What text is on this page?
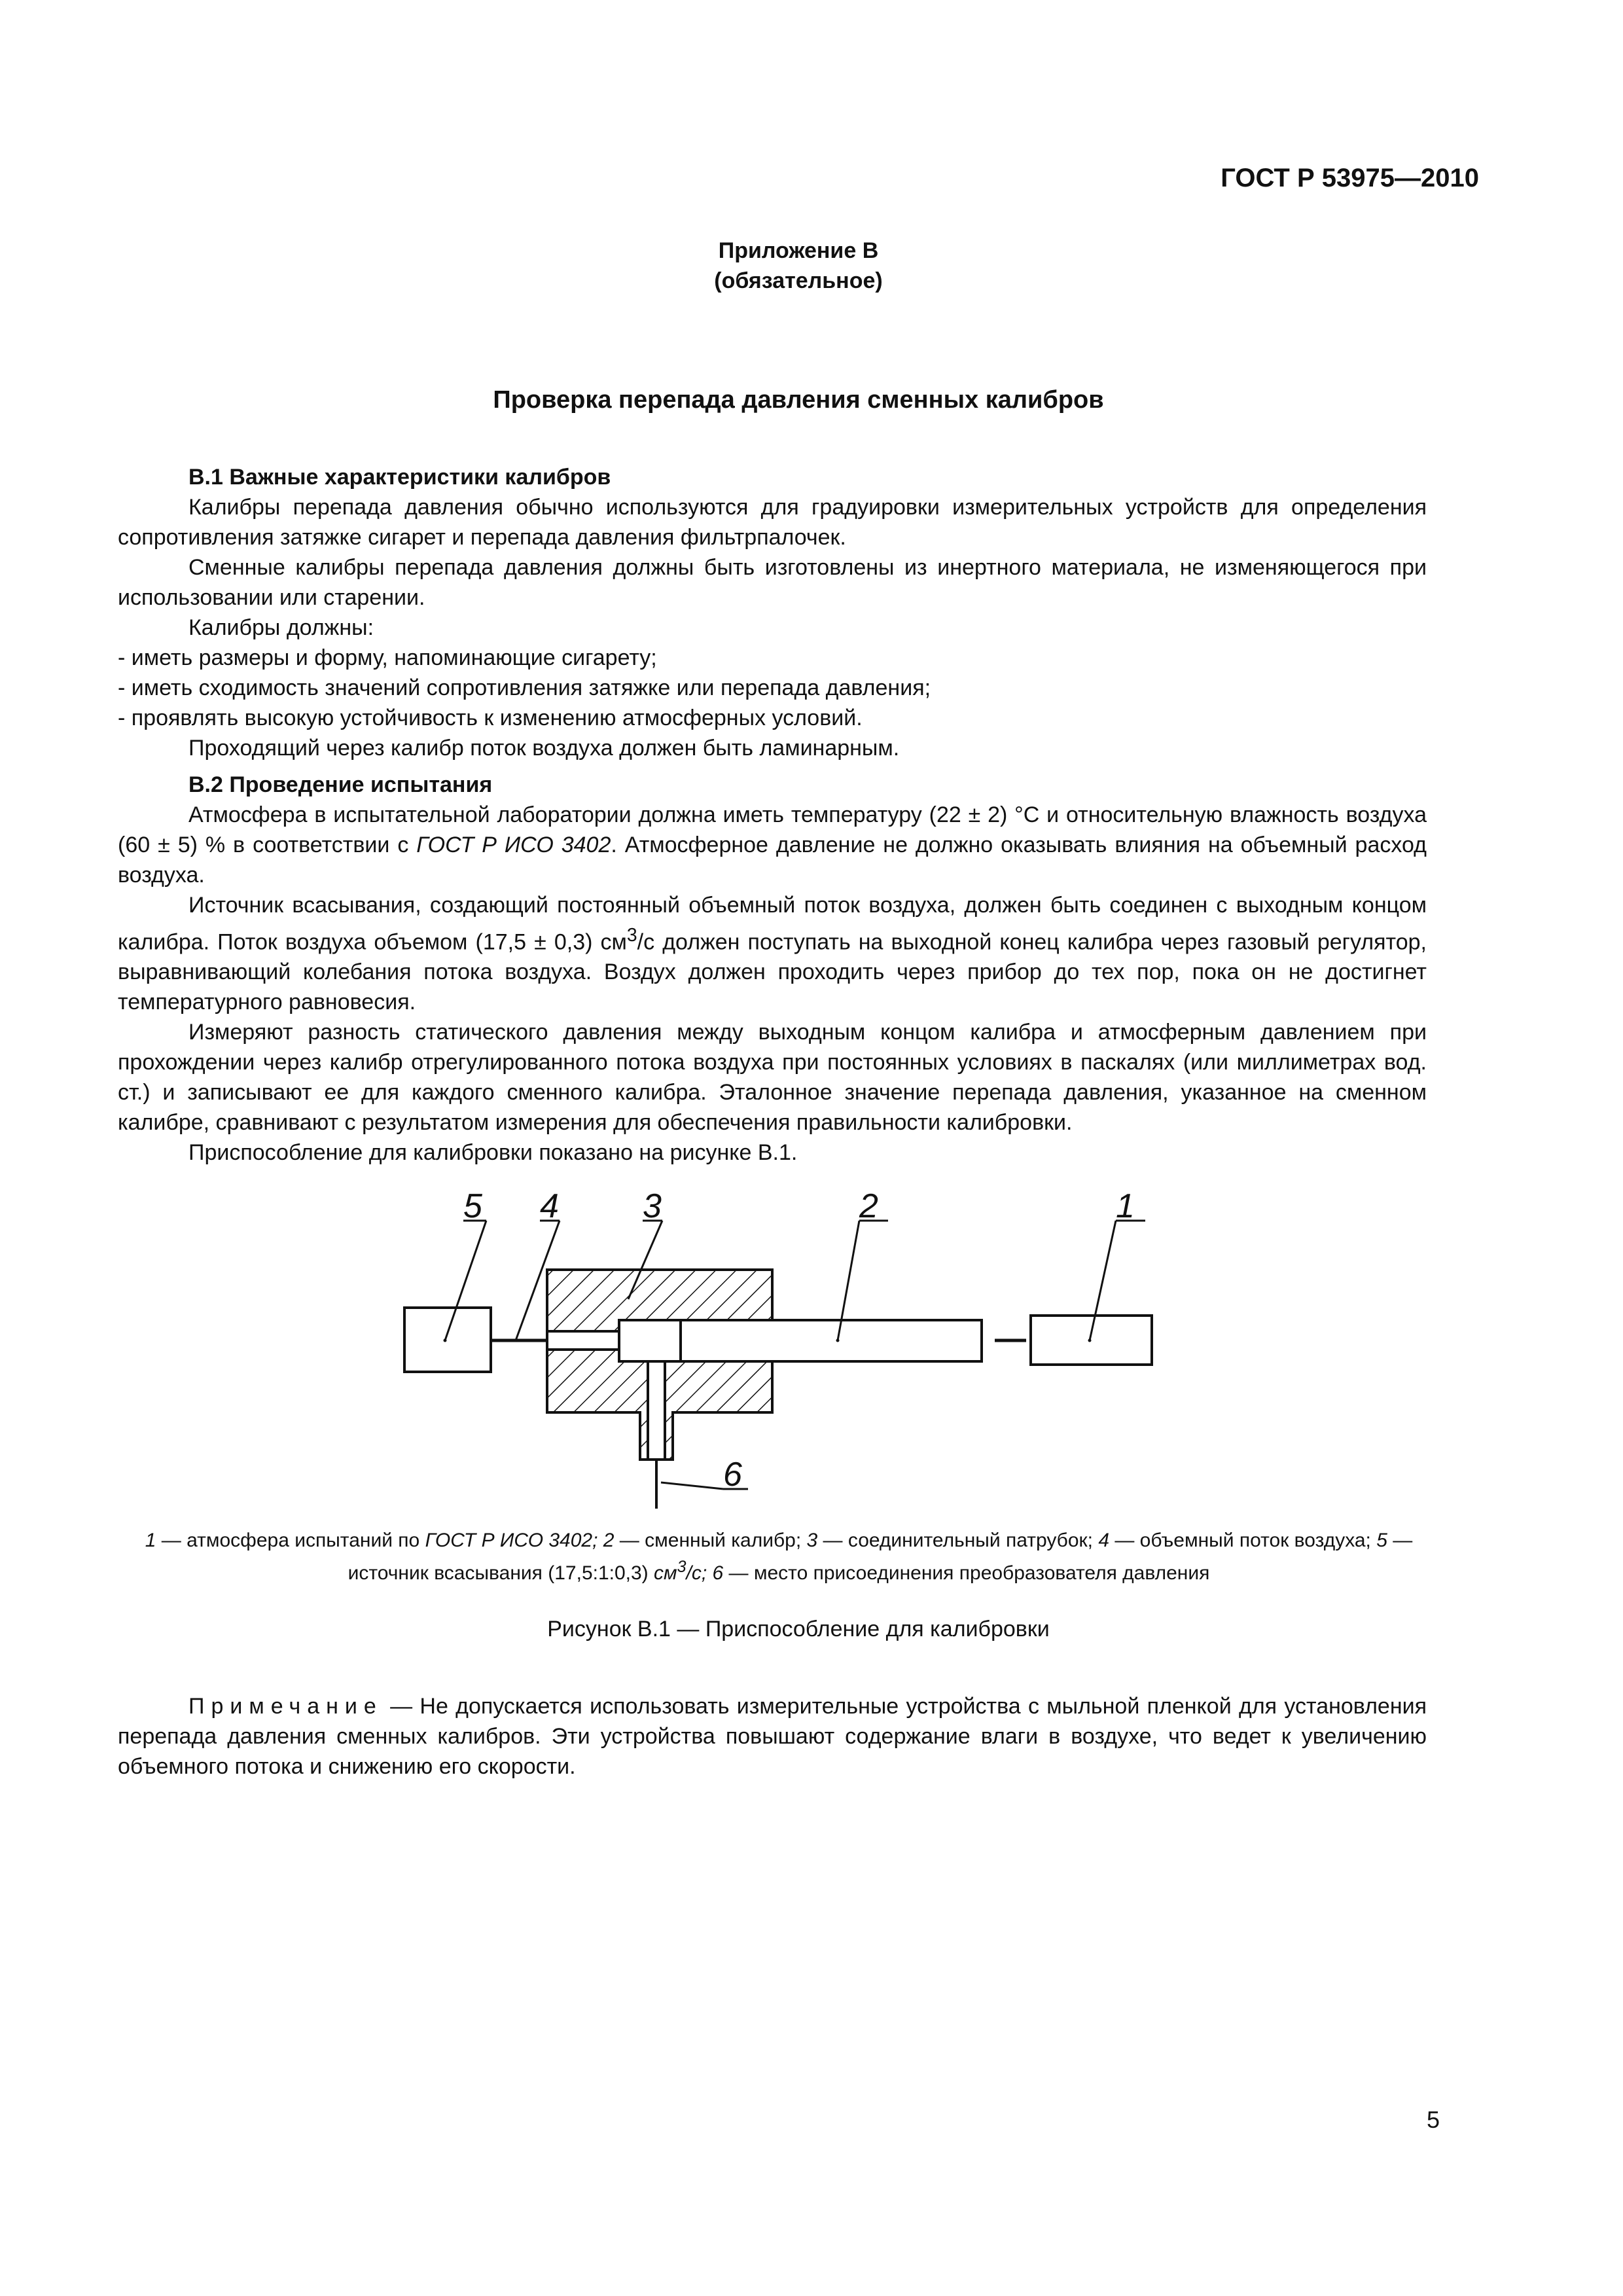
ГОСТ Р 53975—2010
Приложение В
(обязательное)
Проверка перепада давления сменных калибров

В.1 Важные характеристики калибров

Калибры перепада давления обычно используются для градуировки измерительных устройств для определения сопротивления затяжке сигарет и перепада давления фильтрпалочек.

Сменные калибры перепада давления должны быть изготовлены из инертного материала, не изменяющегося при использовании или старении.

Калибры должны:

- иметь размеры и форму, напоминающие сигарету;

- иметь сходимость значений сопротивления затяжке или перепада давления;

- проявлять высокую устойчивость к изменению атмосферных условий.

Проходящий через калибр поток воздуха должен быть ламинарным.

В.2 Проведение испытания

Атмосфера в испытательной лаборатории должна иметь температуру (22 ± 2) °С и относительную влажность воздуха (60 ± 5) % в соответствии с ГОСТ Р ИСО 3402. Атмосферное давление не должно оказывать влияния на объемный расход воздуха.

Источник всасывания, создающий постоянный объемный поток воздуха, должен быть соединен с выходным концом калибра. Поток воздуха объемом (17,5 ± 0,3) $см^3/с$ должен поступать на выходной конец калибра через газовый регулятор, выравнивающий колебания потока воздуха. Воздух должен проходить через прибор до тех пор, пока он не достигнет температурного равновесия.

Измеряют разность статического давления между выходным концом калибра и атмосферным давлением при прохождении через калибр отрегулированного потока воздуха при постоянных условиях в паскалях (или миллиметрах вод. ст.) и записывают ее для каждого сменного калибра. Эталонное значение перепада давления, указанное на сменном калибре, сравнивают с результатом измерения для обеспечения правильности калибровки.

Приспособление для калибровки показано на рисунке В.1.

5 4 3	2	1
6
1 — атмосфера испытаний по ГОСТ Р ИСО 3402; 2 — сменный калибр; 3 — соединительный патрубок; 4 — объемный поток воздуха; 5 — источник всасывания (17,5:1:0,3) $см^3/с$; 6 — место присоединения преобразователя давления
Рисунок В.1 — Приспособление для калибровки

Примечание — Не допускается использовать измерительные устройства с мыльной пленкой для установления перепада давления сменных калибров. Эти устройства повышают содержание влаги в воздухе, что ведет к увеличению объемного потока и снижению его скорости.

5
